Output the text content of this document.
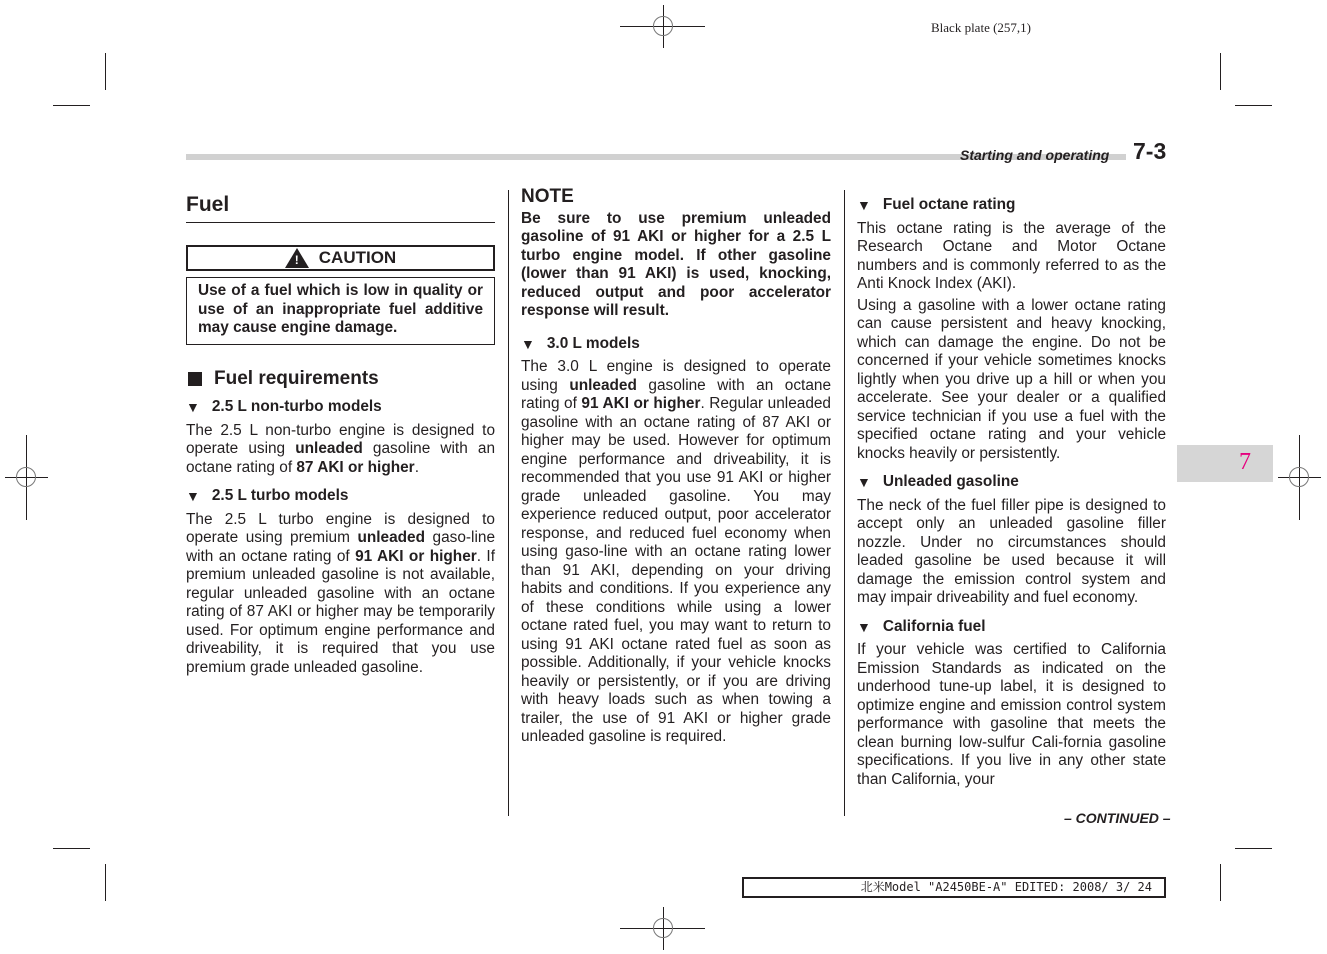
Black plate (257,1)
Starting and operating 7-3
Fuel
! CAUTION

Use of a fuel which is low in quality or use of an inappropriate fuel additive may cause engine damage.

Fuel requirements
▼ 2.5 L non-turbo models

The 2.5 L non-turbo engine is designed to operate using unleaded gasoline with an octane rating of 87 AKI or higher.

▼ 2.5 L turbo models

The 2.5 L turbo engine is designed to operate using premium unleaded gaso-line with an octane rating of 91 AKI or higher. If premium unleaded gasoline is not available, regular unleaded gasoline with an octane rating of 87 AKI or higher may be temporarily used. For optimum engine performance and driveability, it is required that you use premium grade unleaded gasoline.

NOTE

Be sure to use premium unleaded gasoline of 91 AKI or higher for a 2.5 L turbo engine model. If other gasoline (lower than 91 AKI) is used, knocking, reduced output and poor accelerator response will result.

▼ 3.0 L models

The 3.0 L engine is designed to operate using unleaded gasoline with an octane rating of 91 AKI or higher. Regular unleaded gasoline with an octane rating of 87 AKI or higher may be used. However for optimum engine performance and driveability, it is recommended that you use 91 AKI or higher grade unleaded gasoline. You may experience reduced output, poor accelerator response, and reduced fuel economy when using gaso-line with an octane rating lower than 91 AKI, depending on your driving habits and conditions. If you experience any of these conditions while using a lower octane rated fuel, you may want to return to using 91 AKI octane rated fuel as soon as possible. Additionally, if your vehicle knocks heavily or persistently, or if you are driving with heavy loads such as when towing a trailer, the use of 91 AKI or higher grade unleaded gasoline is required.

▼ Fuel octane rating

This octane rating is the average of the Research Octane and Motor Octane numbers and is commonly referred to as the Anti Knock Index (AKI).

Using a gasoline with a lower octane rating can cause persistent and heavy knocking, which can damage the engine. Do not be concerned if your vehicle sometimes knocks lightly when you drive up a hill or when you accelerate. See your dealer or a qualified service technician if you use a fuel with the specified octane rating and your vehicle knocks heavily or persistently.

▼ Unleaded gasoline

The neck of the fuel filler pipe is designed to accept only an unleaded gasoline filler nozzle. Under no circumstances should leaded gasoline be used because it will damage the emission control system and may impair driveability and fuel economy.

▼ California fuel

If your vehicle was certified to California Emission Standards as indicated on the underhood tune-up label, it is designed to optimize engine and emission control system performance with gasoline that meets the clean burning low-sulfur Cali-fornia gasoline specifications. If you live in any other state than California, your

– CONTINUED –
7
北米Model "A2450BE-A" EDITED: 2008/ 3/ 24
